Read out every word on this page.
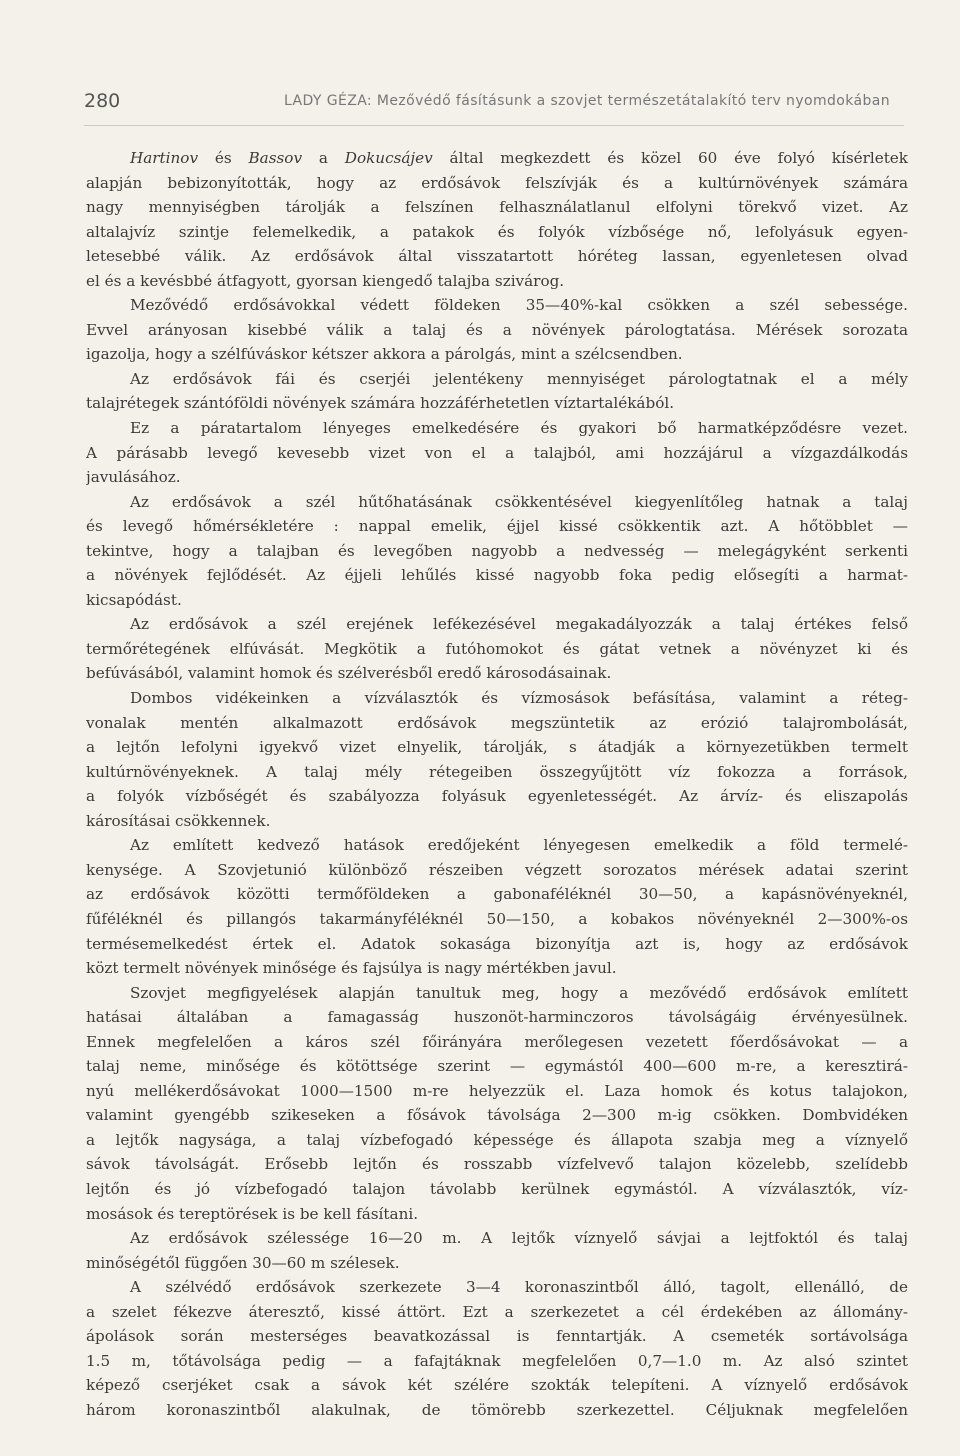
280	LADY GÉZA: Mezővédő fásításunk a szovjet természetátalakító terv nyomdokában
Hartinov és Bassov a Dokucsájev által megkezdett és közel 60 éve folyó kísérletek
alapján bebizonyították, hogy az erdősávok felszívják és a kultúrnövények számára
nagy mennyiségben tárolják a felszínen felhasználatlanul elfolyni törekvő vizet. Az
altalajvíz szintje felemelkedik, a patakok és folyók vízbősége nő, lefolyásuk egyen-
letesebbé válik. Az erdősávok által visszatartott hóréteg lassan, egyenletesen olvad
el és a kevésbbé átfagyott, gyorsan kiengedő talajba szivárog.
Mezővédő erdősávokkal védett földeken 35—40%-kal csökken a szél sebessége.
Evvel arányosan kisebbé válik a talaj és a növények párologtatása. Mérések sorozata
igazolja, hogy a szélfúváskor kétszer akkora a párolgás, mint a szélcsendben.
Az erdősávok fái és cserjéi jelentékeny mennyiséget párologtatnak el a mély
talajrétegek szántóföldi növények számára hozzáférhetetlen víztartalékából.
Ez a páratartalom lényeges emelkedésére és gyakori bő harmatképződésre vezet.
A párásabb levegő kevesebb vizet von el a talajból, ami hozzájárul a vízgazdálkodás
javulásához.
Az erdősávok a szél hűtőhatásának csökkentésével kiegyenlítőleg hatnak a talaj
és levegő hőmérsékletére : nappal emelik, éjjel kissé csökkentik azt. A hőtöbblet —
tekintve, hogy a talajban és levegőben nagyobb a nedvesség — melegágyként serkenti
a növények fejlődését. Az éjjeli lehűlés kissé nagyobb foka pedig elősegíti a harmat-
kicsapódást.
Az erdősávok a szél erejének lefékezésével megakadályozzák a talaj értékes felső
termőrétegének elfúvását. Megkötik a futóhomokot és gátat vetnek a növényzet ki és
befúvásából, valamint homok és szélverésből eredő károsodásainak.
Dombos vidékeinken a vízválasztók és vízmosások befásítása, valamint a réteg-
vonalak mentén alkalmazott erdősávok megszüntetik az erózió talajrombolását,
a lejtőn lefolyni igyekvő vizet elnyelik, tárolják, s átadják a környezetükben termelt
kultúrnövényeknek. A talaj mély rétegeiben összegyűjtött víz fokozza a források,
a folyók vízbőségét és szabályozza folyásuk egyenletességét. Az árvíz- és eliszapolás
károsításai csökkennek.
Az említett kedvező hatások eredőjeként lényegesen emelkedik a föld termelé-
kenysége. A Szovjetunió különböző részeiben végzett sorozatos mérések adatai szerint
az erdősávok közötti termőföldeken a gabonaféléknél 30—50, a kapásnövényeknél,
fűféléknél és pillangós takarmányféléknél 50—150, a kobakos növényeknél 2—300%-os
termésemelkedést értek el. Adatok sokasága bizonyítja azt is, hogy az erdősávok
közt termelt növények minősége és fajsúlya is nagy mértékben javul.
Szovjet megfigyelések alapján tanultuk meg, hogy a mezővédő erdősávok említett
hatásai általában a famagasság huszonöt-harminczoros távolságáig érvényesülnek.
Ennek megfelelően a káros szél főirányára merőlegesen vezetett főerdősávokat — a
talaj neme, minősége és kötöttsége szerint — egymástól 400—600 m-re, a keresztirá-
nyú mellékerdősávokat 1000—1500 m-re helyezzük el. Laza homok és kotus talajokon,
valamint gyengébb szikeseken a fősávok távolsága 2—300 m-ig csökken. Dombvidéken
a lejtők nagysága, a talaj vízbefogadó képessége és állapota szabja meg a víznyelő
sávok távolságát. Erősebb lejtőn és rosszabb vízfelvevő talajon közelebb, szelídebb
lejtőn és jó vízbefogadó talajon távolabb kerülnek egymástól. A vízválasztók, víz-
mosások és tereptörések is be kell fásítani.
Az erdősávok szélessége 16—20 m. A lejtők víznyelő sávjai a lejtfoktól és talaj
minőségétől függően 30—60 m szélesek.
A szélvédő erdősávok szerkezete 3—4 koronaszintből álló, tagolt, ellenálló, de
a szelet fékezve áteresztő, kissé áttört. Ezt a szerkezetet a cél érdekében az állomány-
ápolások során mesterséges beavatkozással is fenntartják. A csemeték sortávolsága
1.5 m, tőtávolsága pedig — a fafajtáknak megfelelően 0,7—1.0 m. Az alsó szintet
képező cserjéket csak a sávok két szélére szokták telepíteni. A víznyelő erdősávok
három koronaszintből alakulnak, de tömörebb szerkezettel. Céljuknak megfelelően
